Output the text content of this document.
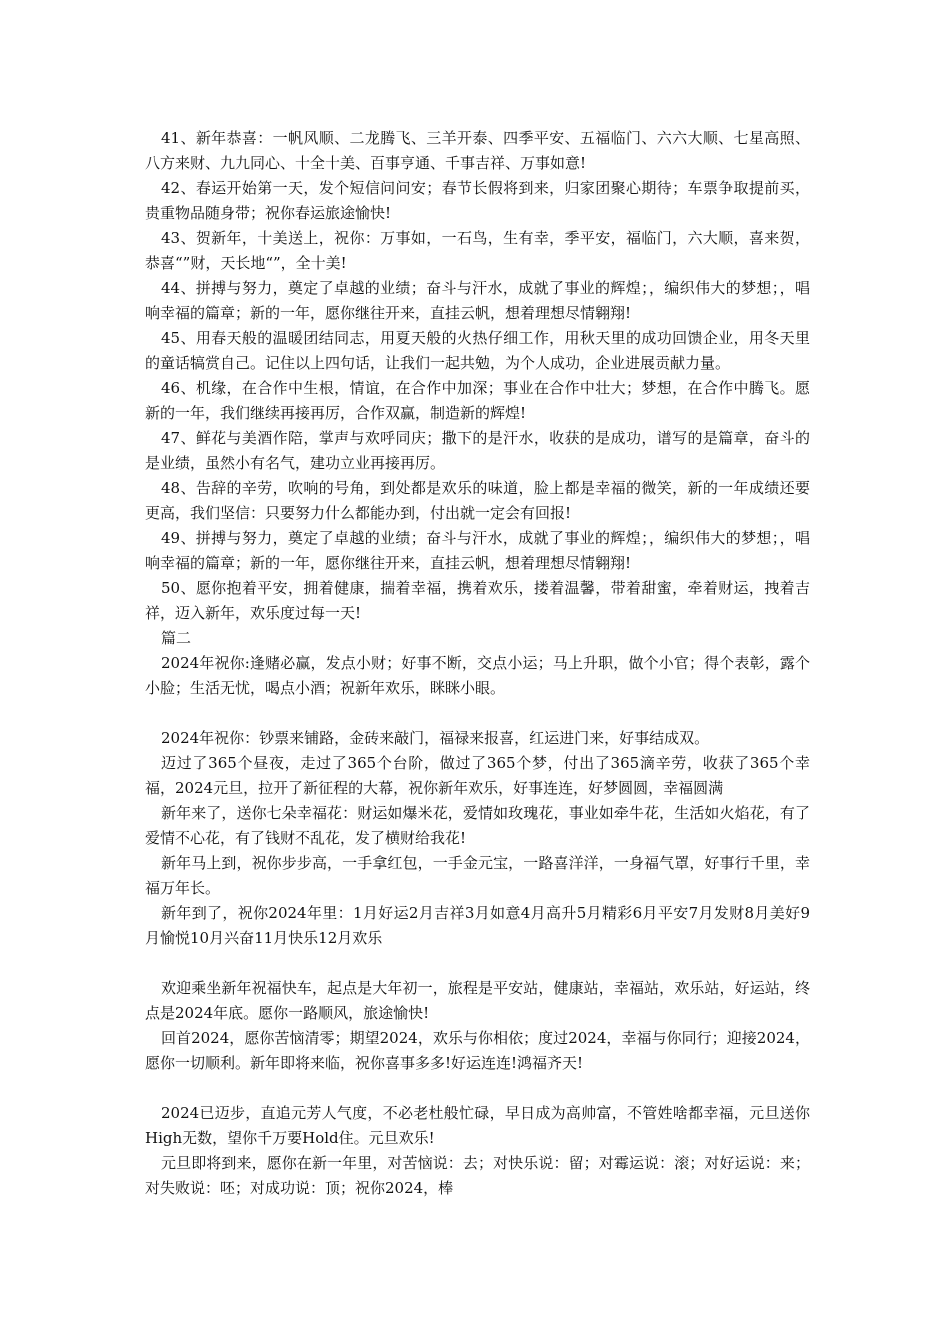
41、新年恭喜：一帆风顺、二龙腾飞、三羊开泰、四季平安、五福临门、六六大顺、七星高照、八方来财、九九同心、十全十美、百事亨通、千事吉祥、万事如意!

42、春运开始第一天，发个短信问问安；春节长假将到来，归家团聚心期待；车票争取提前买，贵重物品随身带；祝你春运旅途愉快!

43、贺新年，十美送上，祝你：万事如，一石鸟，生有幸，季平安，福临门，六大顺，喜来贺，恭喜“”财，天长地“”，全十美!

44、拼搏与努力，奠定了卓越的业绩；奋斗与汗水，成就了事业的辉煌；，编织伟大的梦想；，唱响幸福的篇章；新的一年，愿你继往开来，直挂云帆，想着理想尽情翱翔!

45、用春天般的温暖团结同志，用夏天般的火热仔细工作，用秋天里的成功回馈企业，用冬天里的童话犒赏自己。记住以上四句话，让我们一起共勉，为个人成功，企业进展贡献力量。

46、机缘，在合作中生根，情谊，在合作中加深；事业在合作中壮大；梦想，在合作中腾飞。愿新的一年，我们继续再接再厉，合作双赢，制造新的辉煌!

47、鲜花与美酒作陪，掌声与欢呼同庆；撒下的是汗水，收获的是成功，谱写的是篇章，奋斗的是业绩，虽然小有名气，建功立业再接再厉。

48、告辞的辛劳，吹响的号角，到处都是欢乐的味道，脸上都是幸福的微笑，新的一年成绩还要更高，我们坚信：只要努力什么都能办到，付出就一定会有回报!

49、拼搏与努力，奠定了卓越的业绩；奋斗与汗水，成就了事业的辉煌；，编织伟大的梦想；，唱响幸福的篇章；新的一年，愿你继往开来，直挂云帆，想着理想尽情翱翔!

50、愿你抱着平安，拥着健康，揣着幸福，携着欢乐，搂着温馨，带着甜蜜，牵着财运，拽着吉祥，迈入新年，欢乐度过每一天!

篇二

2024年祝你:逢赌必赢，发点小财；好事不断，交点小运；马上升职，做个小官；得个表彰，露个小脸；生活无忧，喝点小酒；祝新年欢乐，眯眯小眼。

2024年祝你：钞票来铺路，金砖来敲门，福禄来报喜，红运进门来，好事结成双。

迈过了365个昼夜，走过了365个台阶，做过了365个梦，付出了365滴辛劳，收获了365个幸福，2024元旦，拉开了新征程的大幕，祝你新年欢乐，好事连连，好梦圆圆，幸福圆满

新年来了，送你七朵幸福花：财运如爆米花，爱情如玫瑰花，事业如牵牛花，生活如火焰花，有了爱情不心花，有了钱财不乱花，发了横财给我花!

新年马上到，祝你步步高，一手拿红包，一手金元宝，一路喜洋洋，一身福气罩，好事行千里，幸福万年长。

新年到了，祝你2024年里：1月好运2月吉祥3月如意4月高升5月精彩6月平安7月发财8月美好9月愉悦10月兴奋11月快乐12月欢乐

欢迎乘坐新年祝福快车，起点是大年初一，旅程是平安站，健康站，幸福站，欢乐站，好运站，终点是2024年底。愿你一路顺风，旅途愉快!

回首2024，愿你苦恼清零；期望2024，欢乐与你相依；度过2024，幸福与你同行；迎接2024，愿你一切顺利。新年即将来临，祝你喜事多多!好运连连!鸿福齐天!

2024已迈步，直追元芳人气度，不必老杜般忙碌，早日成为高帅富，不管姓啥都幸福，元旦送你High无数，望你千万要Hold住。元旦欢乐!

元旦即将到来，愿你在新一年里，对苦恼说：去；对快乐说：留；对霉运说：滚；对好运说：来；对失败说：呸；对成功说：顶；祝你2024，棒
